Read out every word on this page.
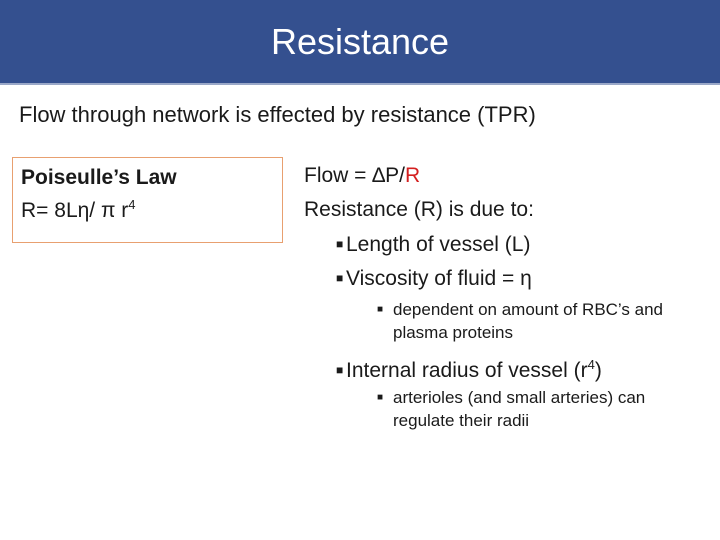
Resistance
Flow through network is effected by resistance (TPR)
Poiseulle’s Law
R= 8Lη/ π $r^4$
Flow = ∆P/R
Resistance (R) is due to:
■ Length of vessel (L)
■ Viscosity of fluid = η
■ dependent on amount of RBC’s and plasma proteins
■ Internal radius of vessel $(r^4)$
■ arterioles (and small arteries) can regulate their radii
